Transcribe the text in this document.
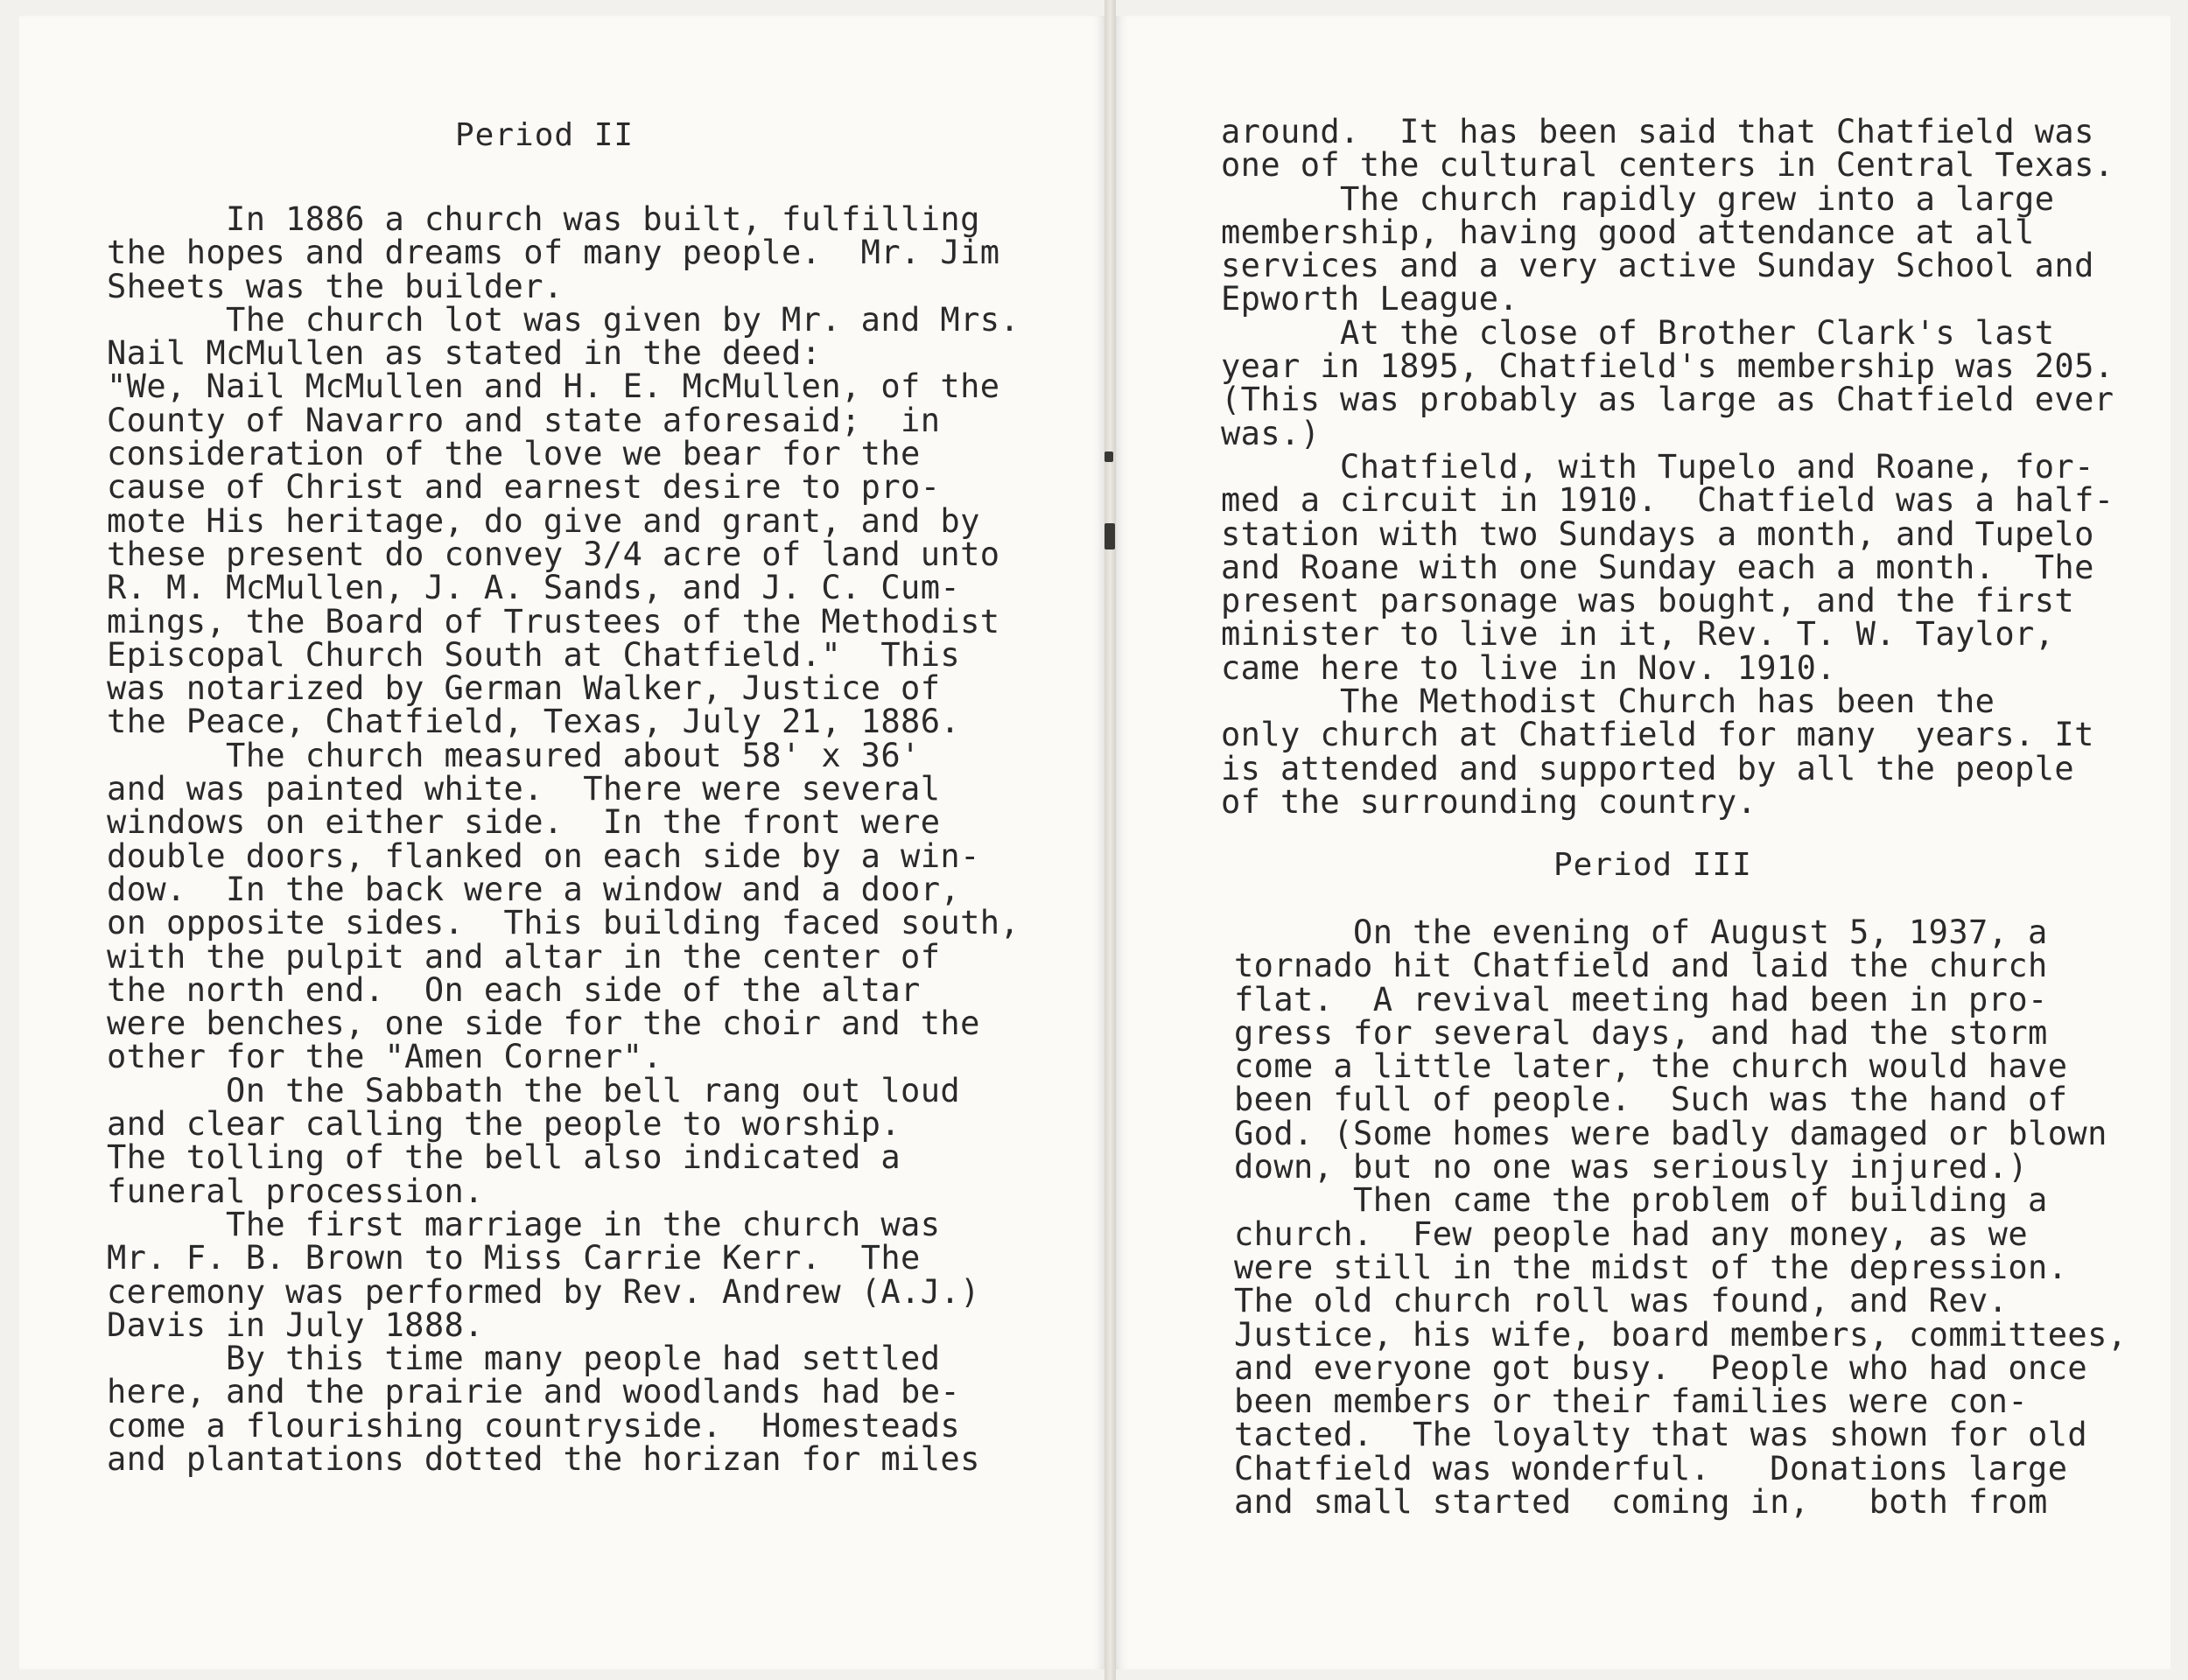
Period II
In 1886 a church was built, fulfilling
the hopes and dreams of many people.  Mr. Jim
Sheets was the builder.
The church lot was given by Mr. and Mrs.
Nail McMullen as stated in the deed:
"We, Nail McMullen and H. E. McMullen, of the
County of Navarro and state aforesaid;  in
consideration of the love we bear for the
cause of Christ and earnest desire to pro-
mote His heritage, do give and grant, and by
these present do convey 3/4 acre of land unto
R. M. McMullen, J. A. Sands, and J. C. Cum-
mings, the Board of Trustees of the Methodist
Episcopal Church South at Chatfield."  This
was notarized by German Walker, Justice of
the Peace, Chatfield, Texas, July 21, 1886.
The church measured about 58' x 36'
and was painted white.  There were several
windows on either side.  In the front were
double doors, flanked on each side by a win-
dow.  In the back were a window and a door,
on opposite sides.  This building faced south,
with the pulpit and altar in the center of
the north end.  On each side of the altar
were benches, one side for the choir and the
other for the "Amen Corner".
On the Sabbath the bell rang out loud
and clear calling the people to worship.
The tolling of the bell also indicated a
funeral procession.
The first marriage in the church was
Mr. F. B. Brown to Miss Carrie Kerr.  The
ceremony was performed by Rev. Andrew (A.J.)
Davis in July 1888.
By this time many people had settled
here, and the prairie and woodlands had be-
come a flourishing countryside.  Homesteads
and plantations dotted the horizan for miles
around.  It has been said that Chatfield was
one of the cultural centers in Central Texas.
The church rapidly grew into a large
membership, having good attendance at all
services and a very active Sunday School and
Epworth League.
At the close of Brother Clark's last
year in 1895, Chatfield's membership was 205.
(This was probably as large as Chatfield ever
was.)
Chatfield, with Tupelo and Roane, for-
med a circuit in 1910.  Chatfield was a half-
station with two Sundays a month, and Tupelo
and Roane with one Sunday each a month.  The
present parsonage was bought, and the first
minister to live in it, Rev. T. W. Taylor,
came here to live in Nov. 1910.
The Methodist Church has been the
only church at Chatfield for many  years. It
is attended and supported by all the people
of the surrounding country.
Period III
On the evening of August 5, 1937, a
tornado hit Chatfield and laid the church
flat.  A revival meeting had been in pro-
gress for several days, and had the storm
come a little later, the church would have
been full of people.  Such was the hand of
God. (Some homes were badly damaged or blown
down, but no one was seriously injured.)
Then came the problem of building a
church.  Few people had any money, as we
were still in the midst of the depression.
The old church roll was found, and Rev.
Justice, his wife, board members, committees,
and everyone got busy.  People who had once
been members or their families were con-
tacted.  The loyalty that was shown for old
Chatfield was wonderful.   Donations large
and small started  coming in,   both from
